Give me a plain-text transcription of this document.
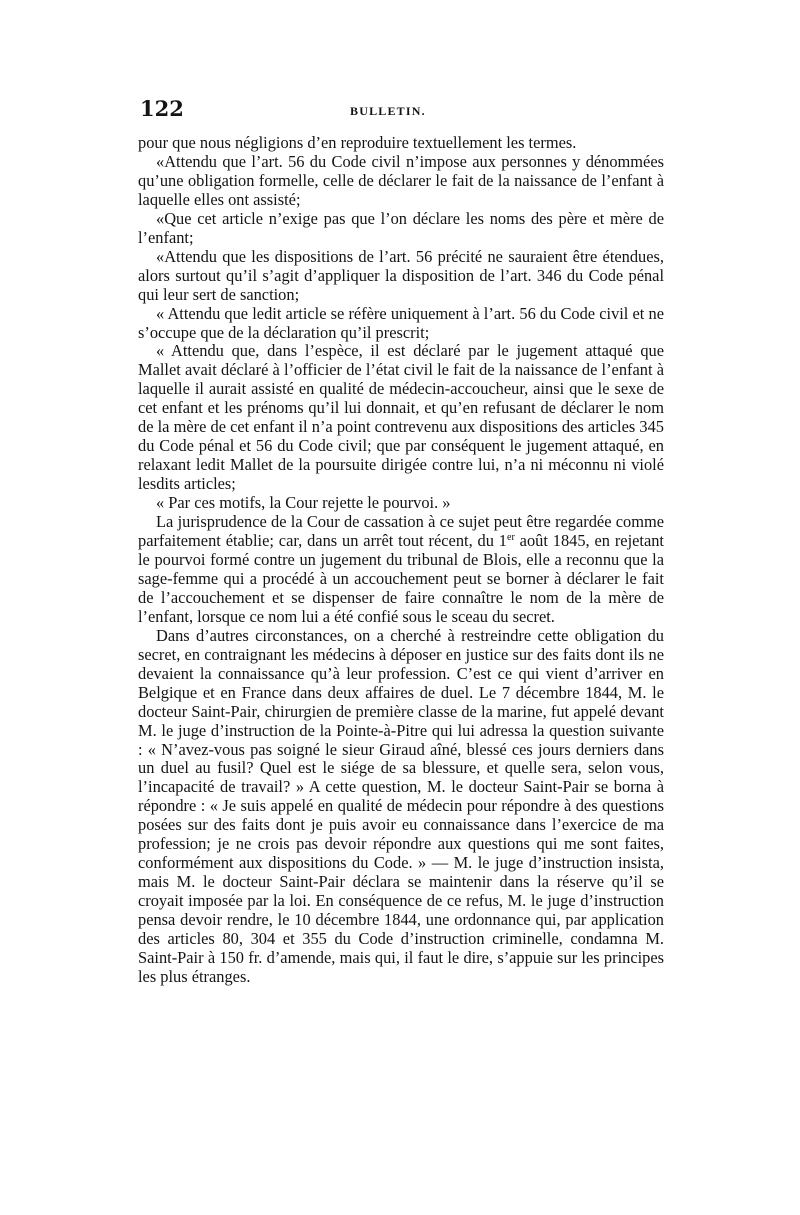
122	BULLETIN.

pour que nous négligions d’en reproduire textuellement les termes.

«Attendu que l’art. 56 du Code civil n’impose aux personnes y dénommées qu’une obligation formelle, celle de déclarer le fait de la naissance de l’enfant à laquelle elles ont assisté;

«Que cet article n’exige pas que l’on déclare les noms des père et mère de l’enfant;

«Attendu que les dispositions de l’art. 56 précité ne sauraient être étendues, alors surtout qu’il s’agit d’appliquer la disposition de l’art. 346 du Code pénal qui leur sert de sanction;

« Attendu que ledit article se réfère uniquement à l’art. 56 du Code civil et ne s’occupe que de la déclaration qu’il prescrit;

« Attendu que, dans l’espèce, il est déclaré par le jugement attaqué que Mallet avait déclaré à l’officier de l’état civil le fait de la naissance de l’enfant à laquelle il aurait assisté en qualité de médecin-accoucheur, ainsi que le sexe de cet enfant et les prénoms qu’il lui donnait, et qu’en refusant de déclarer le nom de la mère de cet enfant il n’a point contrevenu aux dispositions des articles 345 du Code pénal et 56 du Code civil; que par conséquent le jugement attaqué, en relaxant ledit Mallet de la poursuite dirigée contre lui, n’a ni méconnu ni violé lesdits articles;

« Par ces motifs, la Cour rejette le pourvoi. »

La jurisprudence de la Cour de cassation à ce sujet peut être regardée comme parfaitement établie; car, dans un arrêt tout récent, du 1er août 1845, en rejetant le pourvoi formé contre un jugement du tribunal de Blois, elle a reconnu que la sage-femme qui a procédé à un accouchement peut se borner à déclarer le fait de l’accouchement et se dispenser de faire connaître le nom de la mère de l’enfant, lorsque ce nom lui a été confié sous le sceau du secret.

Dans d’autres circonstances, on a cherché à restreindre cette obligation du secret, en contraignant les médecins à déposer en justice sur des faits dont ils ne devaient la connaissance qu’à leur profession. C’est ce qui vient d’arriver en Belgique et en France dans deux affaires de duel. Le 7 décembre 1844, M. le docteur Saint-Pair, chirurgien de première classe de la marine, fut appelé devant M. le juge d’instruction de la Pointe-à-Pitre qui lui adressa la question suivante : « N’avez-vous pas soigné le sieur Giraud aîné, blessé ces jours derniers dans un duel au fusil? Quel est le siége de sa blessure, et quelle sera, selon vous, l’incapacité de travail? » A cette question, M. le docteur Saint-Pair se borna à répondre : « Je suis appelé en qualité de médecin pour répondre à des questions posées sur des faits dont je puis avoir eu connaissance dans l’exercice de ma profession; je ne crois pas devoir répondre aux questions qui me sont faites, conformément aux dispositions du Code. » — M. le juge d’instruction insista, mais M. le docteur Saint-Pair déclara se maintenir dans la réserve qu’il se croyait imposée par la loi. En conséquence de ce refus, M. le juge d’instruction pensa devoir rendre, le 10 décembre 1844, une ordonnance qui, par application des articles 80, 304 et 355 du Code d’instruction criminelle, condamna M. Saint-Pair à 150 fr. d’amende, mais qui, il faut le dire, s’appuie sur les principes les plus étranges.
